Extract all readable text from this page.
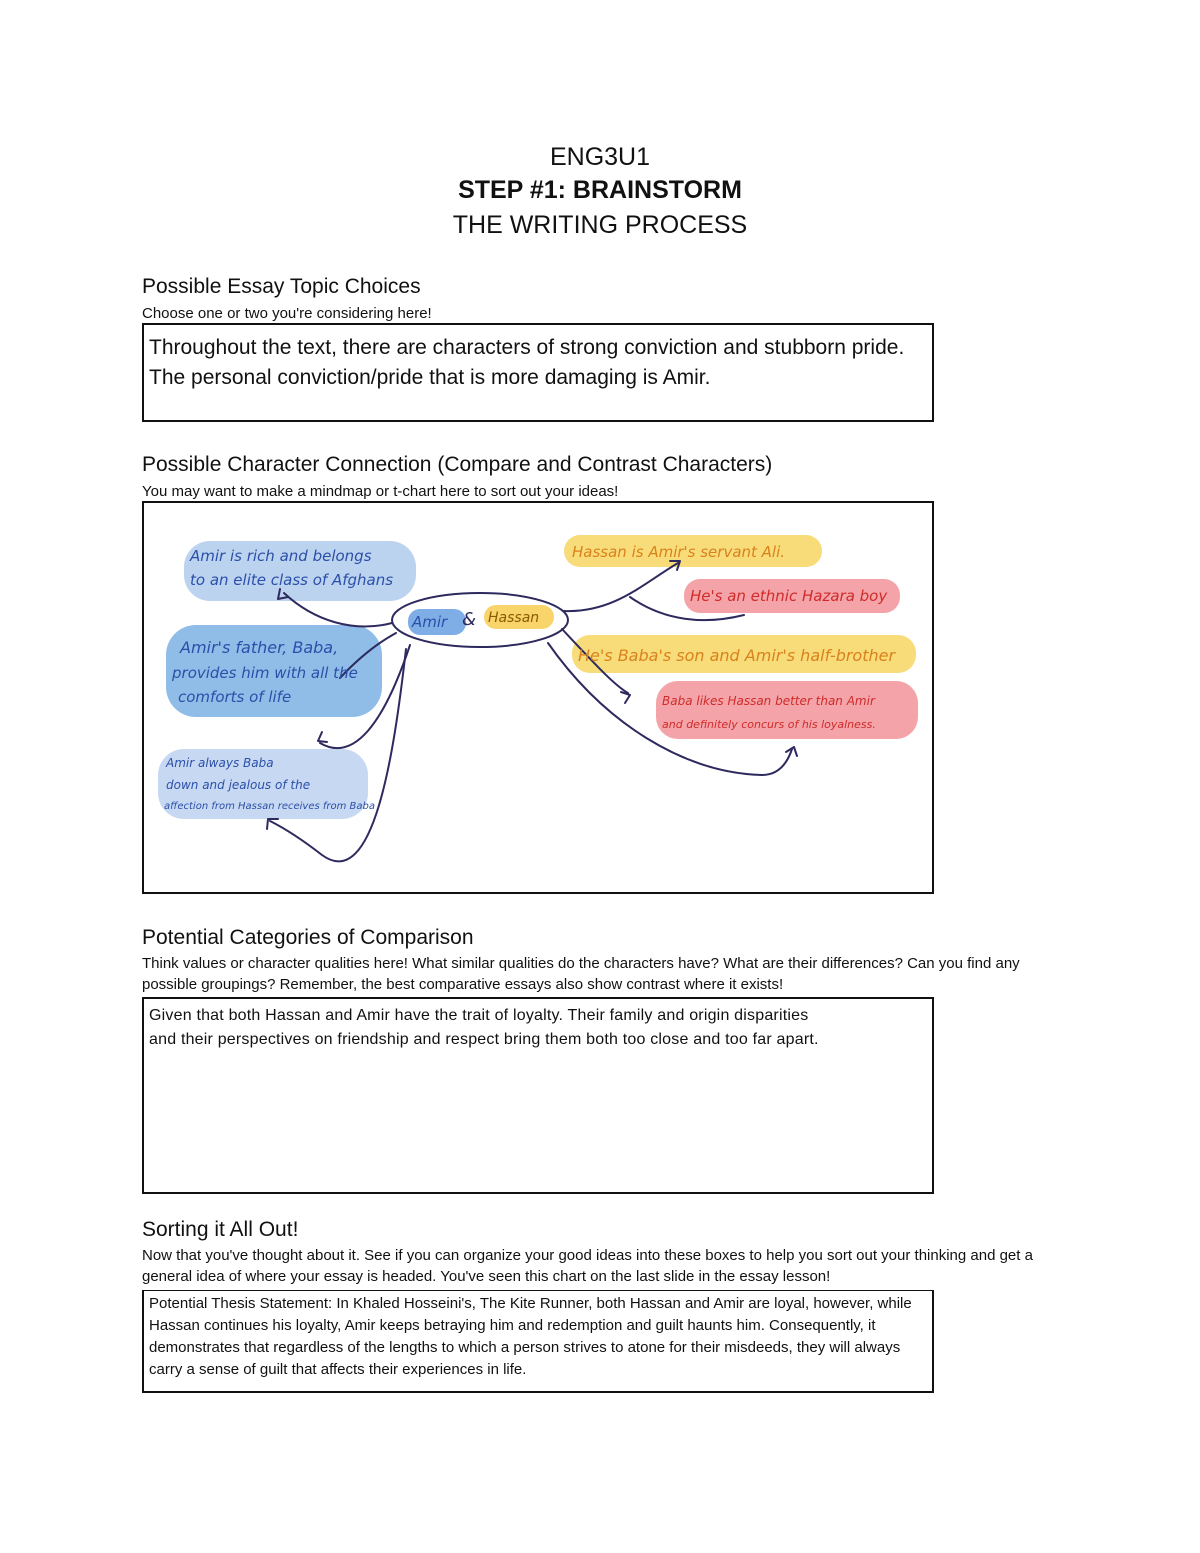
ENG3U1
STEP #1: BRAINSTORM
THE WRITING PROCESS
Possible Essay Topic Choices
Choose one or two you're considering here!
Throughout the text, there are characters of strong conviction and stubborn pride. The personal conviction/pride that is more damaging is Amir.
Possible Character Connection (Compare and Contrast Characters)
You may want to make a mindmap or t-chart here to sort out your ideas!
Amir & Hassan
Amir is rich and belongs
to an elite class of Afghans
Amir's father, Baba,
provides him with all the
comforts of life
Amir always Baba
down and jealous of the
affection from Hassan receives from Baba
Hassan is Amir's servant Ali.
He's an ethnic Hazara boy
He's Baba's son and Amir's half-brother
Baba likes Hassan better than Amir
and definitely concurs of his loyalness.
Potential Categories of Comparison
Think values or character qualities here! What similar qualities do the characters have? What are their differences? Can you find any possible groupings? Remember, the best comparative essays also show contrast where it exists!
Given that both Hassan and Amir have the trait of loyalty. Their family and origin disparities
and their perspectives on friendship and respect bring them both too close and too far apart.
Sorting it All Out!
Now that you've thought about it. See if you can organize your good ideas into these boxes to help you sort out your thinking and get a general idea of where your essay is headed. You've seen this chart on the last slide in the essay lesson!
Potential Thesis Statement: In Khaled Hosseini's, The Kite Runner, both Hassan and Amir are loyal, however, while Hassan continues his loyalty, Amir keeps betraying him and redemption and guilt haunts him. Consequently, it demonstrates that regardless of the lengths to which a person strives to atone for their misdeeds, they will always carry a sense of guilt that affects their experiences in life.
